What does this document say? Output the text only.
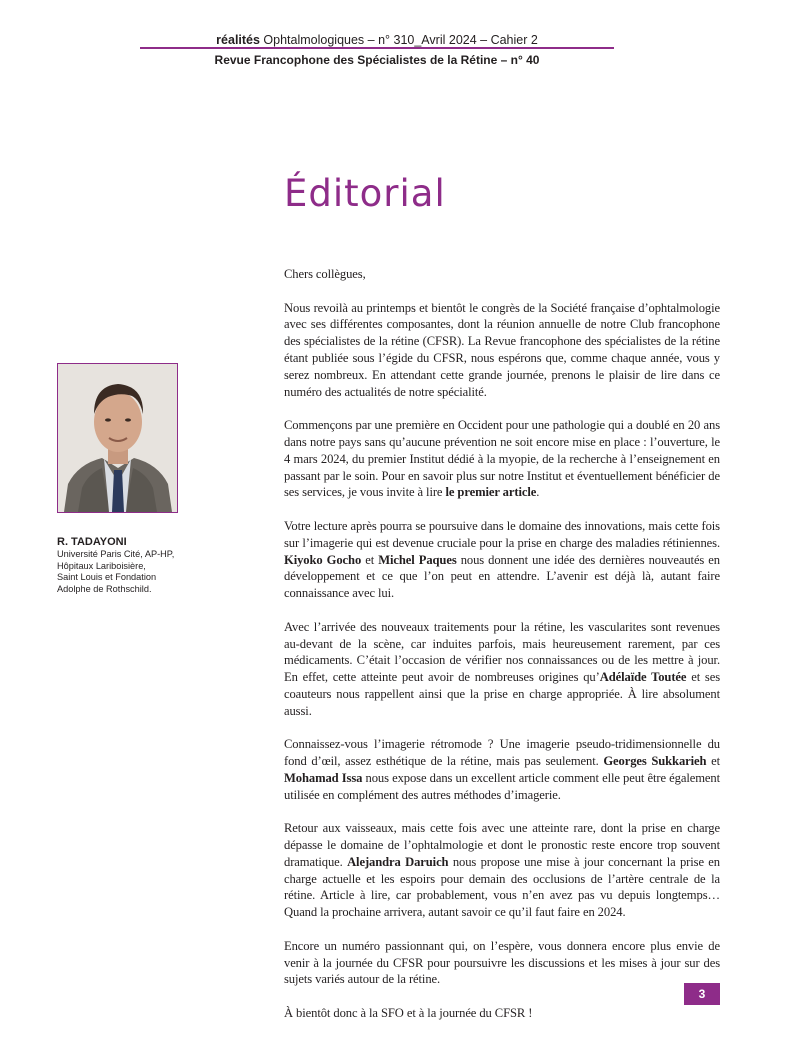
réalités Ophtalmologiques – n° 310_Avril 2024 – Cahier 2
Revue Francophone des Spécialistes de la Rétine – n° 40
Éditorial
R. TADAYONI
Université Paris Cité, AP-HP,
Hôpitaux Lariboisière,
Saint Louis et Fondation
Adolphe de Rothschild.

Chers collègues,

Nous revoilà au printemps et bientôt le congrès de la Société française d’ophtalmologie avec ses différentes composantes, dont la réunion annuelle de notre Club francophone des spécialistes de la rétine (CFSR). La Revue francophone des spécialistes de la rétine étant publiée sous l’égide du CFSR, nous espérons que, comme chaque année, vous y serez nombreux. En attendant cette grande journée, prenons le plaisir de lire dans ce numéro des actualités de notre spécialité.

Commençons par une première en Occident pour une pathologie qui a doublé en 20 ans dans notre pays sans qu’aucune prévention ne soit encore mise en place : l’ouverture, le 4 mars 2024, du premier Institut dédié à la myopie, de la recherche à l’enseignement en passant par le soin. Pour en savoir plus sur notre Institut et éventuellement bénéficier de ses services, je vous invite à lire le premier article.

Votre lecture après pourra se poursuive dans le domaine des innovations, mais cette fois sur l’imagerie qui est devenue cruciale pour la prise en charge des maladies rétiniennes. Kiyoko Gocho et Michel Paques nous donnent une idée des dernières nouveautés en développement et ce que l’on peut en attendre. L’avenir est déjà là, autant faire connaissance avec lui.

Avec l’arrivée des nouveaux traitements pour la rétine, les vascularites sont revenues au-devant de la scène, car induites parfois, mais heureusement rarement, par ces médicaments. C’était l’occasion de vérifier nos connaissances ou de les mettre à jour. En effet, cette atteinte peut avoir de nombreuses origines qu’Adélaïde Toutée et ses coauteurs nous rappellent ainsi que la prise en charge appropriée. À lire absolument aussi.

Connaissez-vous l’imagerie rétromode ? Une imagerie pseudo-tridimensionnelle du fond d’œil, assez esthétique de la rétine, mais pas seulement. Georges Sukkarieh et Mohamad Issa nous expose dans un excellent article comment elle peut être également utilisée en complément des autres méthodes d’imagerie.

Retour aux vaisseaux, mais cette fois avec une atteinte rare, dont la prise en charge dépasse le domaine de l’ophtalmologie et dont le pronostic reste encore trop souvent dramatique. Alejandra Daruich nous propose une mise à jour concernant la prise en charge actuelle et les espoirs pour demain des occlusions de l’artère centrale de la rétine. Article à lire, car probablement, vous n’en avez pas vu depuis longtemps… Quand la prochaine arrivera, autant savoir ce qu’il faut faire en 2024.

Encore un numéro passionnant qui, on l’espère, vous donnera encore plus envie de venir à la journée du CFSR pour poursuivre les discussions et les mises à jour sur des sujets variés autour de la rétine.

À bientôt donc à la SFO et à la journée du CFSR !

3
